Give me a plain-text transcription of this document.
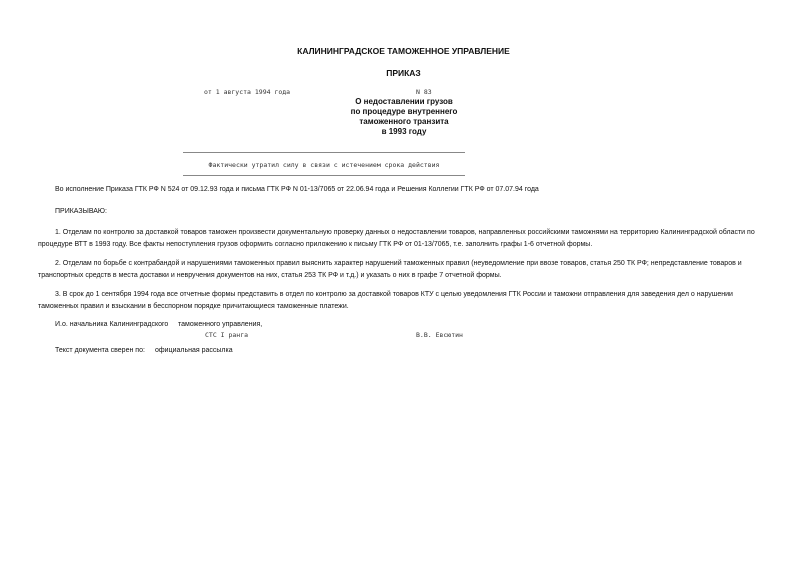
КАЛИНИНГРАДСКОЕ ТАМОЖЕННОЕ УПРАВЛЕНИЕ
ПРИКАЗ
от 1 августа 1994 года	N 83
О недоставлении грузов
по процедуре внутреннего
таможенного транзита
в 1993 году
Фактически утратил силу в связи с истечением срока действия
Во исполнение Приказа ГТК РФ N 524 от 09.12.93 года и письма ГТК РФ N 01-13/7065 от 22.06.94 года и Решения Коллегии ГТК РФ от 07.07.94 года
ПРИКАЗЫВАЮ:
1. Отделам по контролю за доставкой товаров таможен произвести документальную проверку данных о недоставлении товаров, направленных российскими таможнями на территорию Калининградской области по процедуре ВТТ в 1993 году. Все факты непоступления грузов оформить согласно приложению к письму ГТК РФ от 01-13/7065, т.е. заполнить графы 1-6 отчетной формы.
2. Отделам по борьбе с контрабандой и нарушениями таможенных правил выяснить характер нарушений таможенных правил (неуведомление при ввозе товаров, статья 250 ТК РФ; непредставление товаров и транспортных средств в места доставки и невручения документов на них, статья 253 ТК РФ и т.д.) и указать о них в графе 7 отчетной формы.
3. В срок до 1 сентября 1994 года все отчетные формы представить в отдел по контролю за доставкой товаров КТУ с целью уведомления ГТК России и таможни отправления для заведения дел о нарушении таможенных правил и взыскании в бесспорном порядке причитающиеся таможенные платежи.
И.о. начальника Калининградского таможенного управления,
СТС I ранга	В.В. Евсютин
Текст документа сверен по: официальная рассылка
